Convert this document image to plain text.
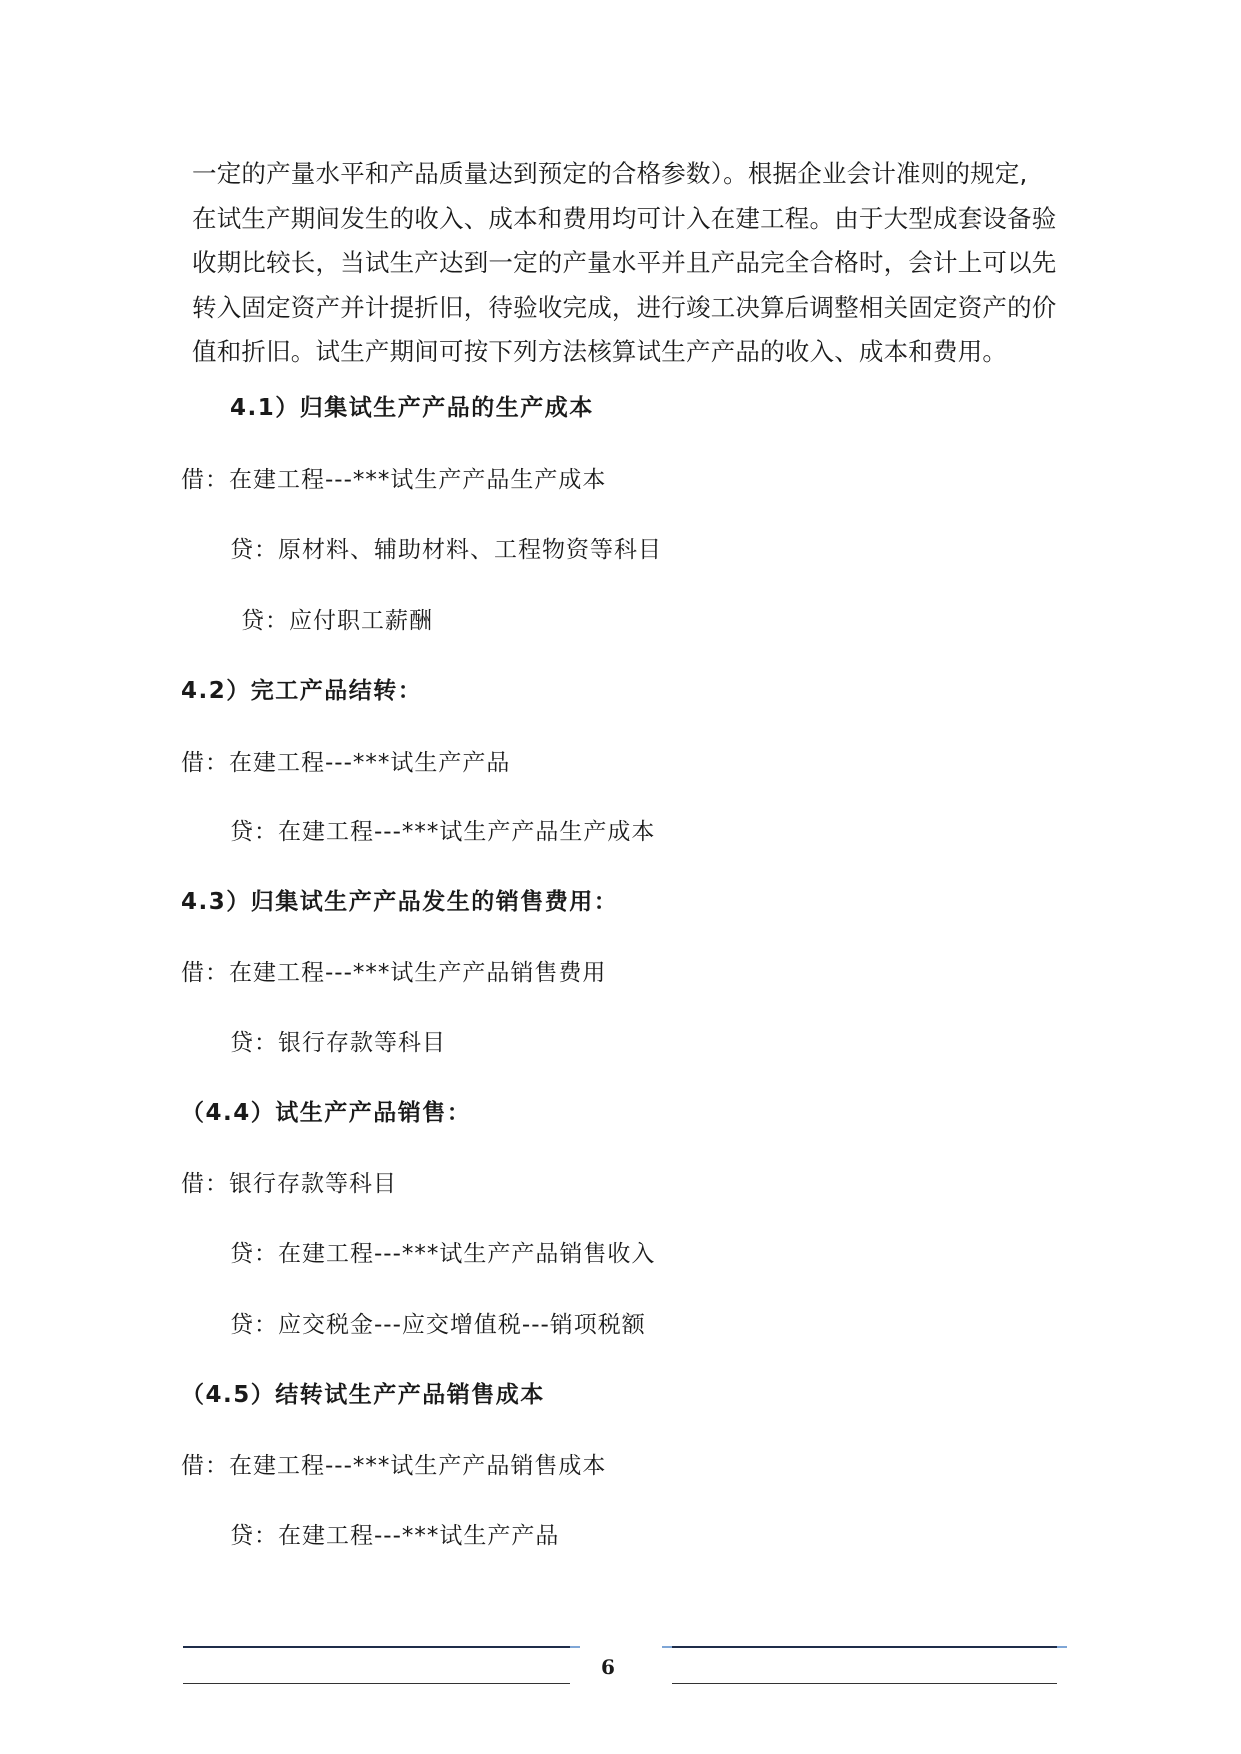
一定的产量水平和产品质量达到预定的合格参数）。根据企业会计准则的规定,
在试生产期间发生的收入、成本和费用均可计入在建工程。由于大型成套设备验
收期比较长，当试生产达到一定的产量水平并且产品完全合格时，会计上可以先
转入固定资产并计提折旧，待验收完成，进行竣工决算后调整相关固定资产的价
值和折旧。试生产期间可按下列方法核算试生产产品的收入、成本和费用。
4.1）归集试生产产品的生产成本
借：在建工程---***试生产产品生产成本
贷：原材料、辅助材料、工程物资等科目
贷：应付职工薪酬
4.2）完工产品结转：
借：在建工程---***试生产产品
贷：在建工程---***试生产产品生产成本
4.3）归集试生产产品发生的销售费用：
借：在建工程---***试生产产品销售费用
贷：银行存款等科目
（4.4）试生产产品销售：
借：银行存款等科目
贷：在建工程---***试生产产品销售收入
贷：应交税金---应交增值税---销项税额
（4.5）结转试生产产品销售成本
借：在建工程---***试生产产品销售成本
贷：在建工程---***试生产产品
6
